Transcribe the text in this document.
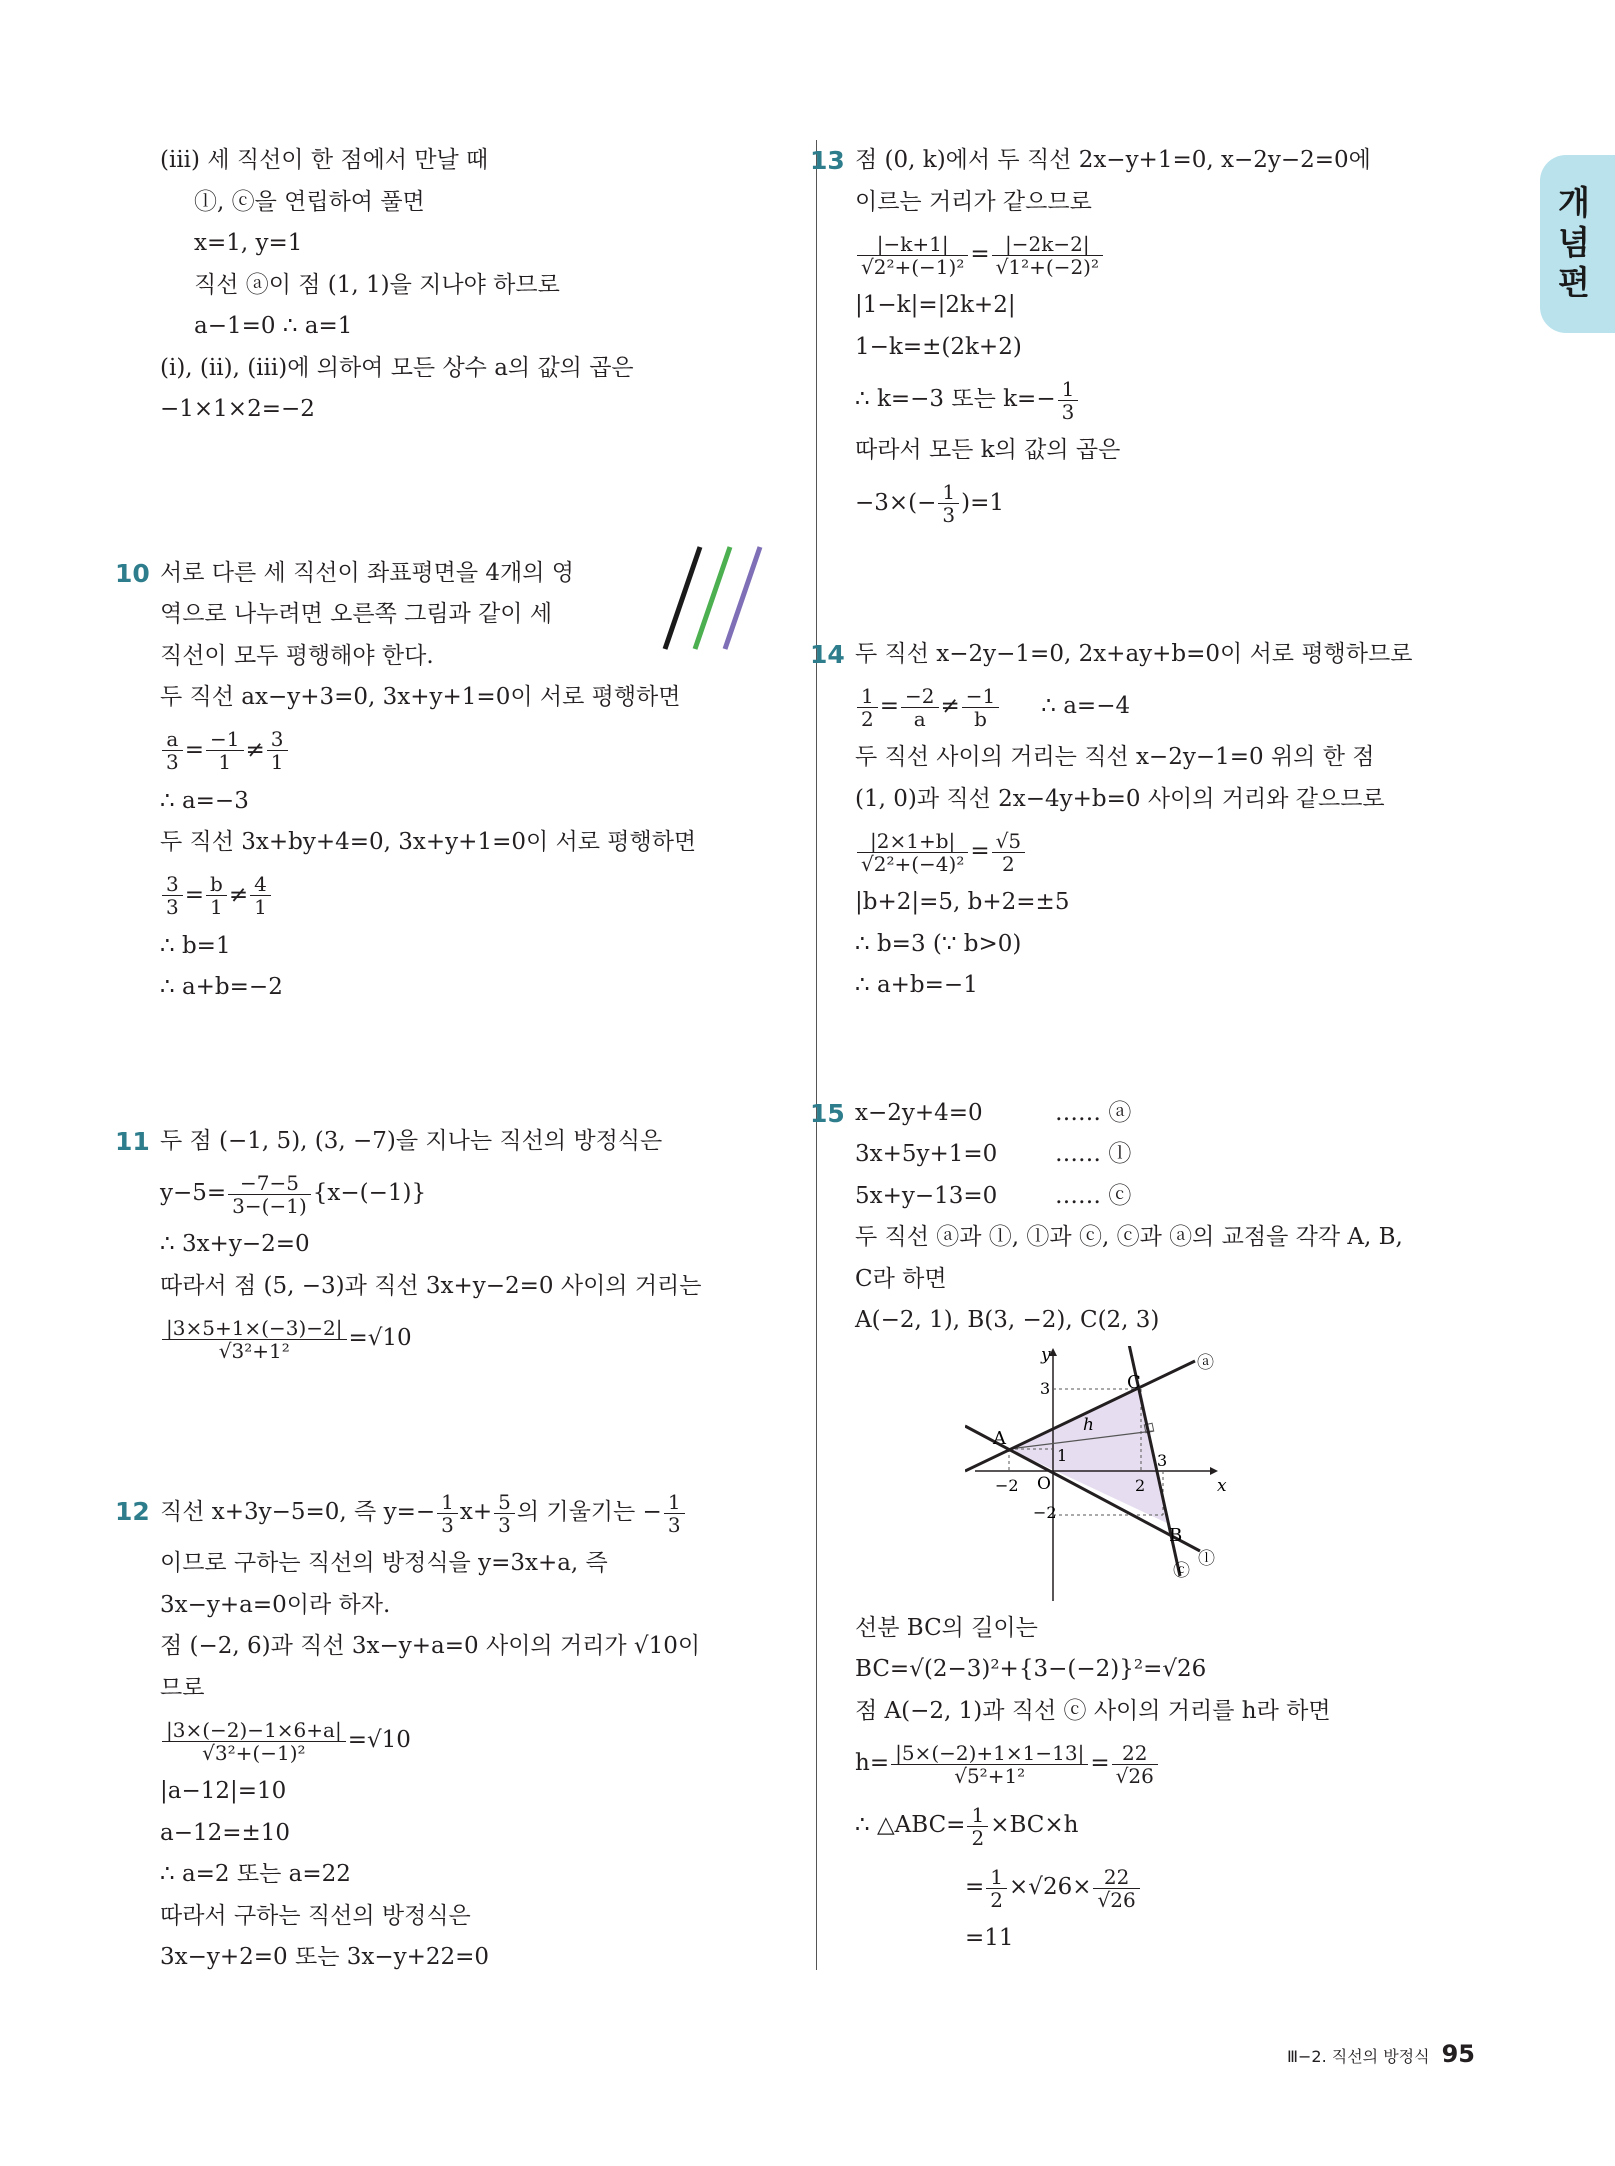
개
념
편
(iii) 세 직선이 한 점에서 만날 때
ⓛ, ⓒ을 연립하여 풀면
x=1, y=1
직선 ⓐ이 점 (1, 1)을 지나야 하므로
a−1=0 ∴ a=1
(i), (ii), (iii)에 의하여 모든 상수 a의 값의 곱은
−1×1×2=−2
10 서로 다른 세 직선이 좌표평면을 4개의 영
역으로 나누려면 오른쪽 그림과 같이 세
직선이 모두 평행해야 한다.
두 직선 ax−y+3=0, 3x+y+1=0이 서로 평행하면
$\frac{a}{3} = \frac{-1}{1} \ne \frac{3}{1}$
∴ a=−3
두 직선 3x+by+4=0, 3x+y+1=0이 서로 평행하면
$\frac{3}{3} = \frac{b}{1} \ne \frac{4}{1}$
∴ b=1
∴ a+b=−2
11 두 점 (−1, 5), (3, −7)을 지나는 직선의 방정식은
$y-5= \frac{-7-5}{3-(-1)} \{x-(-1)\}$
∴ 3x+y−2=0
따라서 점 (5, −3)과 직선 3x+y−2=0 사이의 거리는
$\frac{|3\times 5+1\times(-3)-2|}{\text{√3²+1²}} =√10$
12 직선 x+3y−5=0, 즉 $y=- \frac{1}{3} x+ \frac{5}{3}$ 의 기울기는 − $\frac{1}{3}$
이므로 구하는 직선의 방정식을 y=3x+a, 즉
3x−y+a=0이라 하자.
점 (−2, 6)과 직선 3x−y+a=0 사이의 거리가 √10이
므로
$\frac{|3\times(-2)-1\times 6+a|}{\text{√3²+(−1)²}} =√10$
|a−12|=10
a−12=±10
∴ a=2 또는 a=22
따라서 구하는 직선의 방정식은
3x−y+2=0 또는 3x−y+22=0
13 점 (0, k)에서 두 직선 2x−y+1=0, x−2y−2=0에
이르는 거리가 같으므로
$\frac{|-k+1|}{\text{√2²+(−1)²}} = \frac{|-2k-2|}{\text{√1²+(−2)²}}$
|1−k|=|2k+2|
1−k=±(2k+2)
∴ k=−3 또는 $k=- \frac{1}{3}$
따라서 모든 k의 값의 곱은
$-3\times(- \frac{1}{3} )=1$
14 두 직선 x−2y−1=0, 2x+ay+b=0이 서로 평행하므로
$\frac{1}{2} = \frac{-2}{a} \ne \frac{-1}{b}$ ∴ a=−4
두 직선 사이의 거리는 직선 x−2y−1=0 위의 한 점
(1, 0)과 직선 2x−4y+b=0 사이의 거리와 같으므로
$\frac{|2\times 1+b|}{\text{√2²+(−4)²}} = \frac{√5}{2}$
|b+2|=5, b+2=±5
∴ b=3 (∵ b>0)
∴ a+b=−1
15 x−2y+4=0	…… ⓐ
3x+5y+1=0	…… ⓛ
5x+y−13=0	…… ⓒ
두 직선 ⓐ과 ⓛ, ⓛ과 ⓒ, ⓒ과 ⓐ의 교점을 각각 A, B,
C라 하면
A(−2, 1), B(3, −2), C(2, 3)
y
x
O
A
B
C
h
3
1
−2	2
3
−2
ⓐ
ⓛ
ⓒ
선분 BC의 길이는
BC=√(2−3)²+{3−(−2)}²=√26
점 A(−2, 1)과 직선 ⓒ 사이의 거리를 h라 하면
$h= \frac{|5\times(-2)+1\times 1-13|}{\text{√5²+1²}} = \frac{22}{√26}$
∴ △ABC= $\frac{1}{2} \times BC\times h$
= $\frac{1}{2} \times√26\times \frac{22}{√26}$
=11
Ⅲ−2. 직선의 방정식 95
